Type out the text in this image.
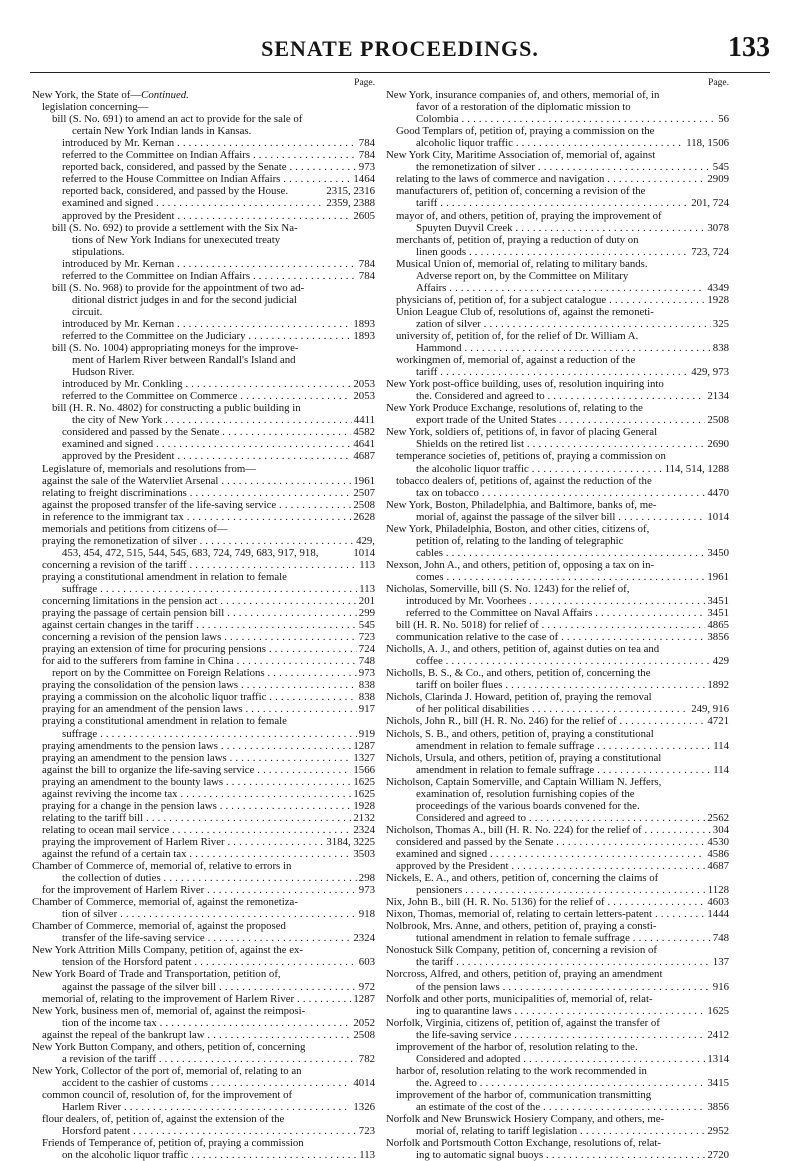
SENATE PROCEEDINGS.	133
Page.
New York, the State of—Continued.
legislation concerning—
bill (S. No. 691) to amend an act to provide for the sale of
certain New York Indian lands in Kansas.
introduced by Mr. Kernan . . .	784
referred to the Committee on Indian Affairs . . .	784
reported back, considered, and passed by the Senate . . .	973
referred to the House Committee on Indian Affairs . . .	1464
reported back, considered, and passed by the House.	2315, 2316
examined and signed . . .	2359, 2388
approved by the President . . .	2605
bill (S. No. 692) to provide a settlement with the Six Na-
tions of New York Indians for unexecuted treaty
stipulations.
introduced by Mr. Kernan . . .	784
referred to the Committee on Indian Affairs . . .	784
bill (S. No. 968) to provide for the appointment of two ad-
ditional district judges in and for the second judicial
circuit.
introduced by Mr. Kernan . . .	1893
referred to the Committee on the Judiciary . . .	1893
bill (S. No. 1004) appropriating moneys for the improve-
ment of Harlem River between Randall's Island and
Hudson River.
introduced by Mr. Conkling . . .	2053
referred to the Committee on Commerce . . .	2053
bill (H. R. No. 4802) for constructing a public building in
the city of New York . . .	4411
considered and passed by the Senate . . .	4582
examined and signed . . .	4641
approved by the President . . .	4687
Legislature of, memorials and resolutions from—
against the sale of the Watervliet Arsenal . . .	1961
relating to freight discriminations . . .	2507
against the proposed transfer of the life-saving service . . .	2508
in reference to the immigrant tax . . .	2628
memorials and petitions from citizens of—
praying the remonetization of silver . . .	429,
453, 454, 472, 515, 544, 545, 683, 724, 749, 683, 917, 918,	1014
concerning a revision of the tariff . . .	113
praying a constitutional amendment in relation to female
suffrage . . .	113
concerning limitations in the pension act . . .	201
praying the passage of certain pension bill . . .	299
against certain changes in the tariff . . .	545
concerning a revision of the pension laws . . .	723
praying an extension of time for procuring pensions . . .	724
for aid to the sufferers from famine in China . . .	748
report on by the Committee on Foreign Relations . . .	973
praying the consolidation of the pension laws . . .	838
praying a commission on the alcoholic liquor traffic . . .	838
praying for an amendment of the pension laws . . .	917
praying a constitutional amendment in relation to female
suffrage . . .	919
praying amendments to the pension laws . . .	1287
praying an amendment to the pension laws . . .	1327
against the bill to organize the life-saving service . . .	1566
praying an amendment to the bounty laws . . .	1625
against reviving the income tax . . .	1625
praying for a change in the pension laws . . .	1928
relating to the tariff bill . . .	2132
relating to ocean mail service . . .	2324
praying the improvement of Harlem River . . .	3184, 3225
against the refund of a certain tax . . .	3503
Chamber of Commerce of, memorial of, relative to errors in
the collection of duties . . .	298
for the improvement of Harlem River . . .	973
Chamber of Commerce, memorial of, against the remonetiza-
tion of silver . . .	918
Chamber of Commerce, memorial of, against the proposed
transfer of the life-saving service . . .	2324
New York Attrition Mills Company, petition of, against the ex-
tension of the Horsford patent . . .	603
New York Board of Trade and Transportation, petition of,
against the passage of the silver bill . . .	972
memorial of, relating to the improvement of Harlem River . . .	1287
New York, business men of, memorial of, against the reimposi-
tion of the income tax . . .	2052
against the repeal of the bankrupt law . . .	2508
New York Button Company, and others, petition of, concerning
a revision of the tariff . . .	782
New York, Collector of the port of, memorial of, relating to an
accident to the cashier of customs . . .	4014
common council of, resolution of, for the improvement of
Harlem River . . .	1326
flour dealers, of, petition of, against the extension of the
Horsford patent . . .	723
Friends of Temperance of, petition of, praying a commission
on the alcoholic liquor traffic . . .	113
Page.
New York, insurance companies of, and others, memorial of, in
favor of a restoration of the diplomatic mission to
Colombia . . .	56
Good Templars of, petition of, praying a commission on the
alcoholic liquor traffic . . .	118, 1506
New York City, Maritime Association of, memorial of, against
the remonetization of silver . . .	545
relating to the laws of commerce and navigation . . .	2909
manufacturers of, petition of, concerning a revision of the
tariff . . .	201, 724
mayor of, and others, petition of, praying the improvement of
Spuyten Duyvil Creek . . .	3078
merchants of, petition of, praying a reduction of duty on
linen goods . . .	723, 724
Musical Union of, memorial of, relating to military bands.
Adverse report on, by the Committee on Military
Affairs . . .	4349
physicians of, petition of, for a subject catalogue . . .	1928
Union League Club of, resolutions of, against the remoneti-
zation of silver . . .	325
university of, petition of, for the relief of Dr. William A.
Hammond . . .	838
workingmen of, memorial of, against a reduction of the
tariff . . .	429, 973
New York post-office building, uses of, resolution inquiring into
the. Considered and agreed to . . .	2134
New York Produce Exchange, resolutions of, relating to the
export trade of the United States . . .	2508
New York, soldiers of, petitions of, in favor of placing General
Shields on the retired list . . .	2690
temperance societies of, petitions of, praying a commission on
the alcoholic liquor traffic . . .	114, 514, 1288
tobacco dealers of, petitions of, against the reduction of the
tax on tobacco . . .	4470
New York, Boston, Philadelphia, and Baltimore, banks of, me-
morial of, against the passage of the silver bill . . .	1014
New York, Philadelphia, Boston, and other cities, citizens of,
petition of, relating to the landing of telegraphic
cables . . .	3450
Nexson, John A., and others, petition of, opposing a tax on in-
comes . . .	1961
Nicholas, Somerville, bill (S. No. 1243) for the relief of,
introduced by Mr. Voorhees . . .	3451
referred to the Committee on Naval Affairs . . .	3451
bill (H. R. No. 5018) for relief of . . .	4865
communication relative to the case of . . .	3856
Nicholls, A. J., and others, petition of, against duties on tea and
coffee . . .	429
Nicholls, B. S., & Co., and others, petition of, concerning the
tariff on boiler flues . . .	1892
Nichols, Clarinda J. Howard, petition of, praying the removal
of her political disabilities . . .	249, 916
Nichols, John R., bill (H. R. No. 246) for the relief of . . .	4721
Nichols, S. B., and others, petition of, praying a constitutional
amendment in relation to female suffrage . . .	114
Nichols, Ursula, and others, petition of, praying a constitutional
amendment in relation to female suffrage . . .	114
Nicholson, Captain Somerville, and Captain William N. Jeffers,
examination of, resolution furnishing copies of the
proceedings of the various boards convened for the.
Considered and agreed to . . .	2562
Nicholson, Thomas A., bill (H. R. No. 224) for the relief of . . .	304
considered and passed by the Senate . . .	4530
examined and signed . . .	4586
approved by the President . . .	4687
Nickels, E. A., and others, petition of, concerning the claims of
pensioners . . .	1128
Nix, John B., bill (H. R. No. 5136) for the relief of . . .	4603
Nixon, Thomas, memorial of, relating to certain letters-patent . . .	1444
Nolbrook, Mrs. Anne, and others, petition of, praying a consti-
tutional amendment in relation to female suffrage . . .	748
Nonostuck Silk Company, petition of, concerning a revision of
the tariff . . .	137
Norcross, Alfred, and others, petition of, praying an amendment
of the pension laws . . .	916
Norfolk and other ports, municipalities of, memorial of, relat-
ing to quarantine laws . . .	1625
Norfolk, Virginia, citizens of, petition of, against the transfer of
the life-saving service . . .	2412
improvement of the harbor of, resolution relating to the.
Considered and adopted . . .	1314
harbor of, resolution relating to the work recommended in
the. Agreed to . . .	3415
improvement of the harbor of, communication transmitting
an estimate of the cost of the . . .	3856
Norfolk and New Brunswick Hosiery Company, and others, me-
morial of, relating to tariff legislation . . .	2952
Norfolk and Portsmouth Cotton Exchange, resolutions of, relat-
ing to automatic signal buoys . . .	2720
